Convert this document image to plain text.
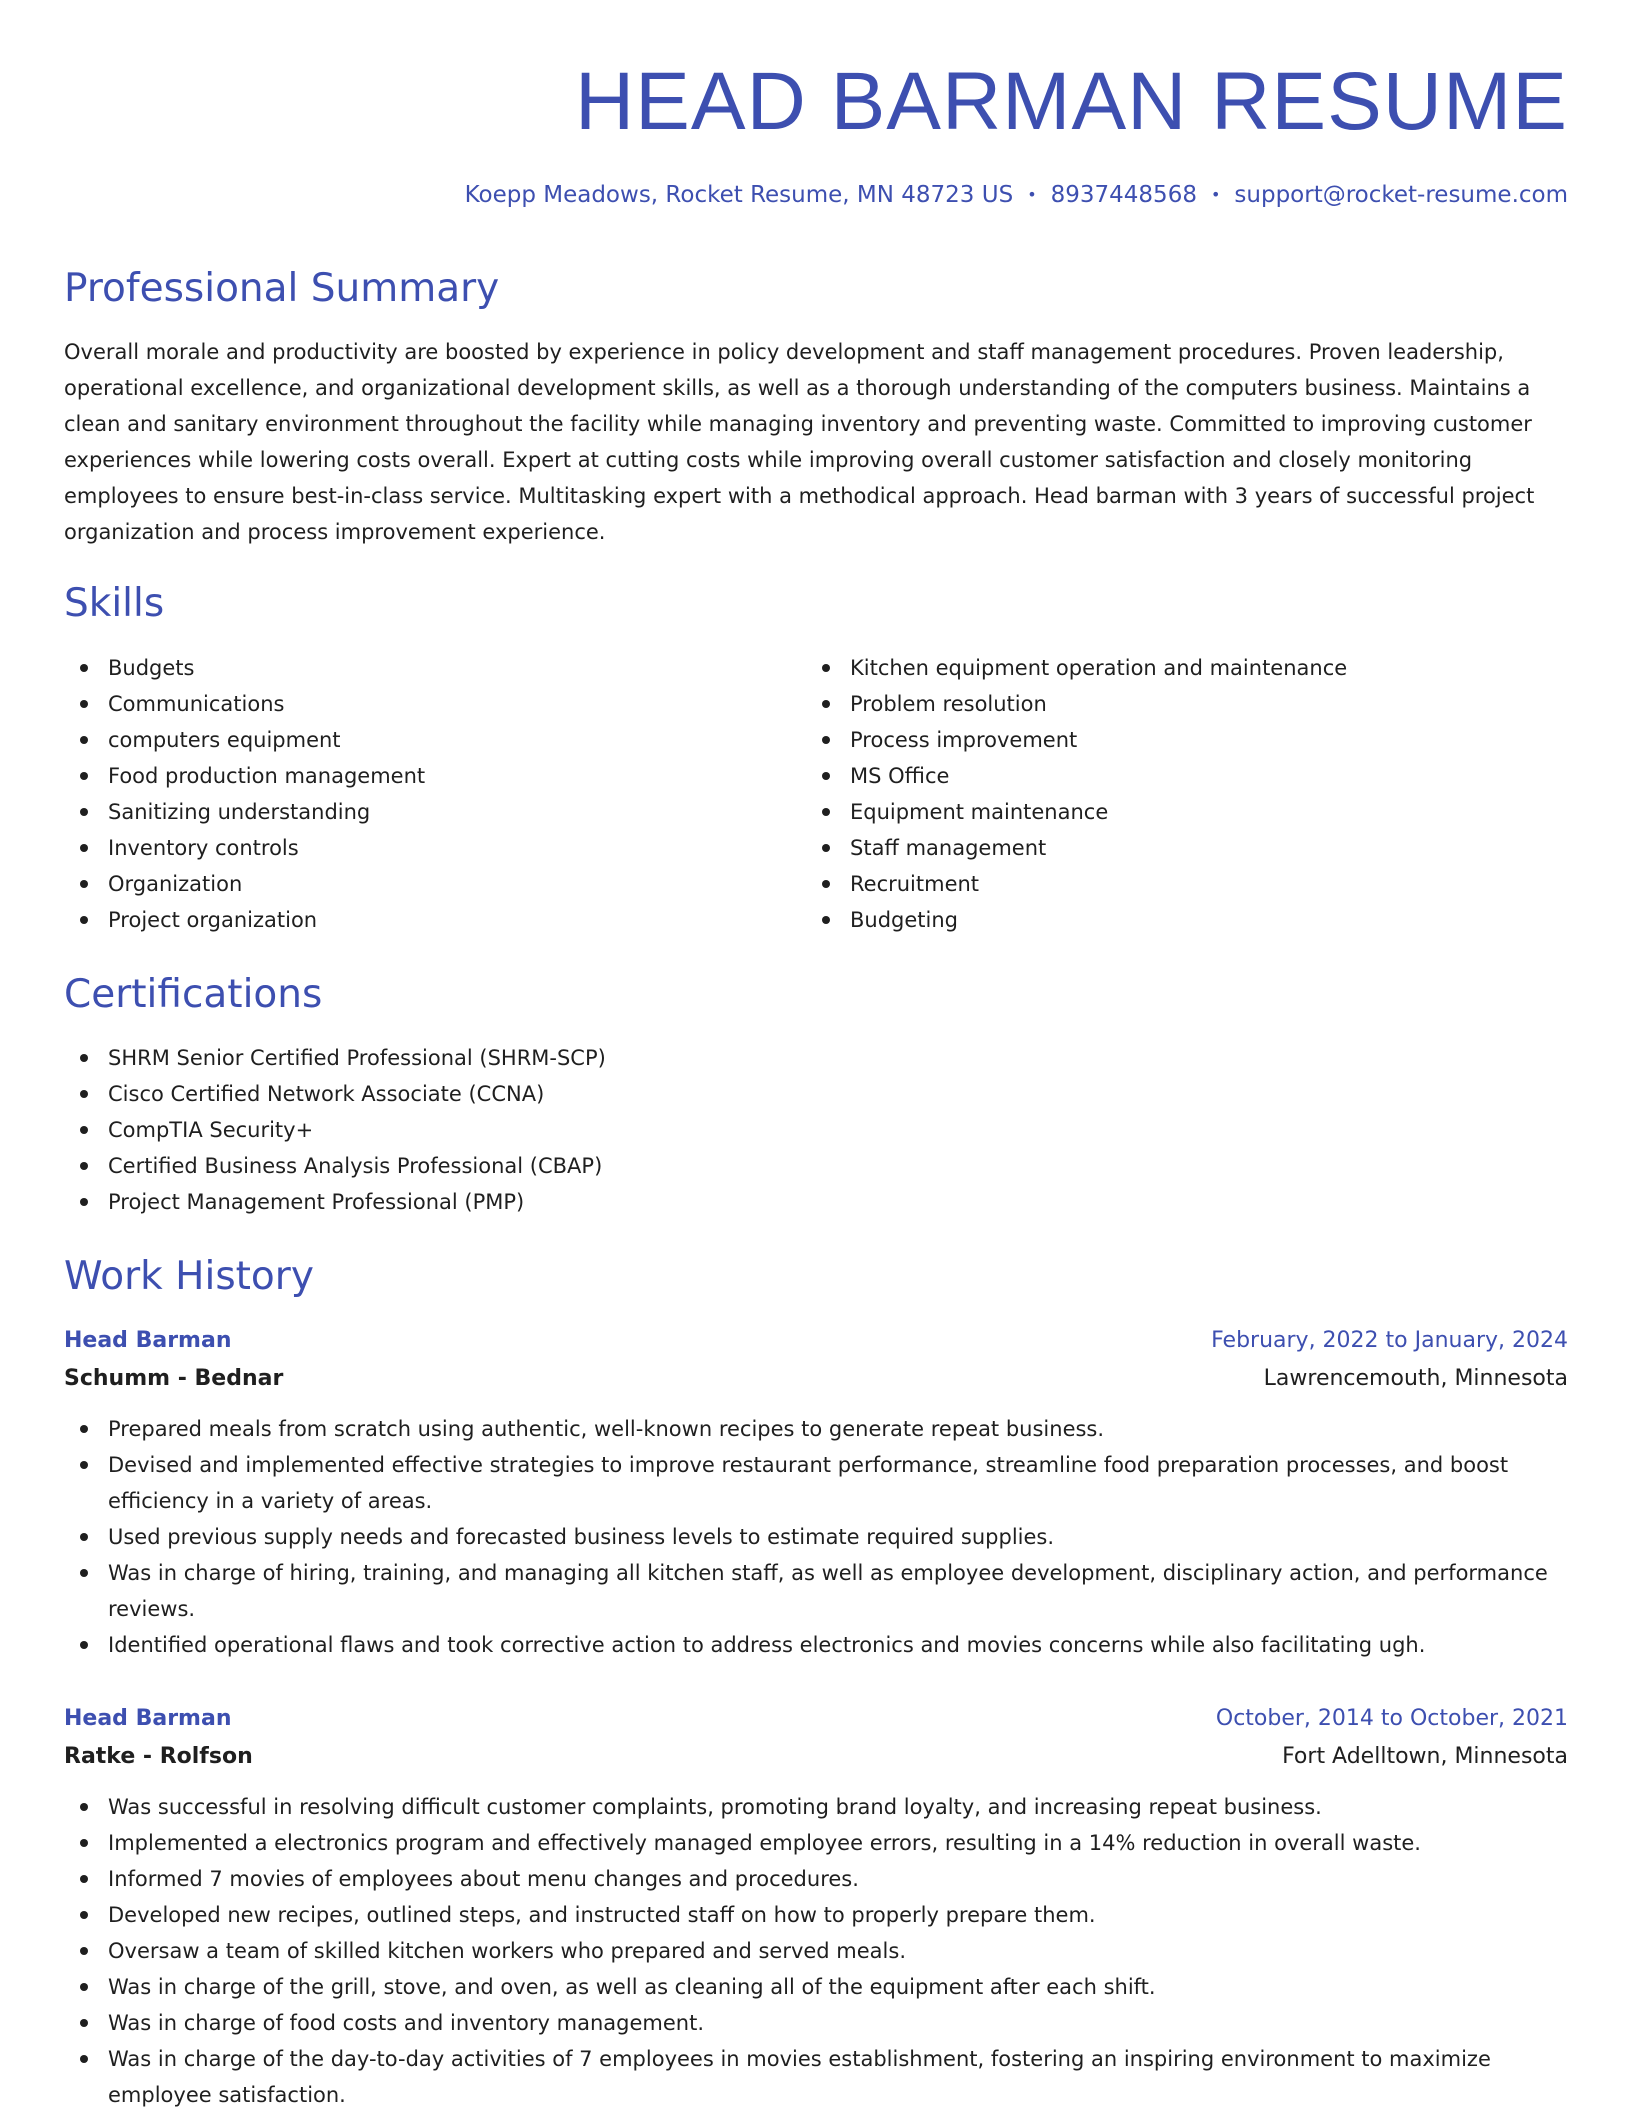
HEAD BARMAN RESUME
Koepp Meadows, Rocket Resume, MN 48723 US • 8937448568 • support@rocket-resume.com
Professional Summary

Overall morale and productivity are boosted by experience in policy development and staff management procedures. Proven leadership, operational excellence, and organizational development skills, as well as a thorough understanding of the computers business. Maintains a clean and sanitary environment throughout the facility while managing inventory and preventing waste. Committed to improving customer experiences while lowering costs overall. Expert at cutting costs while improving overall customer satisfaction and closely monitoring employees to ensure best-in-class service. Multitasking expert with a methodical approach. Head barman with 3 years of successful project organization and process improvement experience.

Skills
Budgets
Communications
computers equipment
Food production management
Sanitizing understanding
Inventory controls
Organization
Project organization
Kitchen equipment operation and maintenance
Problem resolution
Process improvement
MS Office
Equipment maintenance
Staff management
Recruitment
Budgeting
Certifications
SHRM Senior Certified Professional (SHRM-SCP)
Cisco Certified Network Associate (CCNA)
CompTIA Security+
Certified Business Analysis Professional (CBAP)
Project Management Professional (PMP)
Work History
Head Barman	February, 2022 to January, 2024
Schumm - Bednar	Lawrencemouth, Minnesota
Prepared meals from scratch using authentic, well-known recipes to generate repeat business.
Devised and implemented effective strategies to improve restaurant performance, streamline food preparation processes, and boost efficiency in a variety of areas.
Used previous supply needs and forecasted business levels to estimate required supplies.
Was in charge of hiring, training, and managing all kitchen staff, as well as employee development, disciplinary action, and performance reviews.
Identified operational flaws and took corrective action to address electronics and movies concerns while also facilitating ugh.
Head Barman	October, 2014 to October, 2021
Ratke - Rolfson	Fort Adelltown, Minnesota
Was successful in resolving difficult customer complaints, promoting brand loyalty, and increasing repeat business.
Implemented a electronics program and effectively managed employee errors, resulting in a 14% reduction in overall waste.
Informed 7 movies of employees about menu changes and procedures.
Developed new recipes, outlined steps, and instructed staff on how to properly prepare them.
Oversaw a team of skilled kitchen workers who prepared and served meals.
Was in charge of the grill, stove, and oven, as well as cleaning all of the equipment after each shift.
Was in charge of food costs and inventory management.
Was in charge of the day-to-day activities of 7 employees in movies establishment, fostering an inspiring environment to maximize employee satisfaction.
